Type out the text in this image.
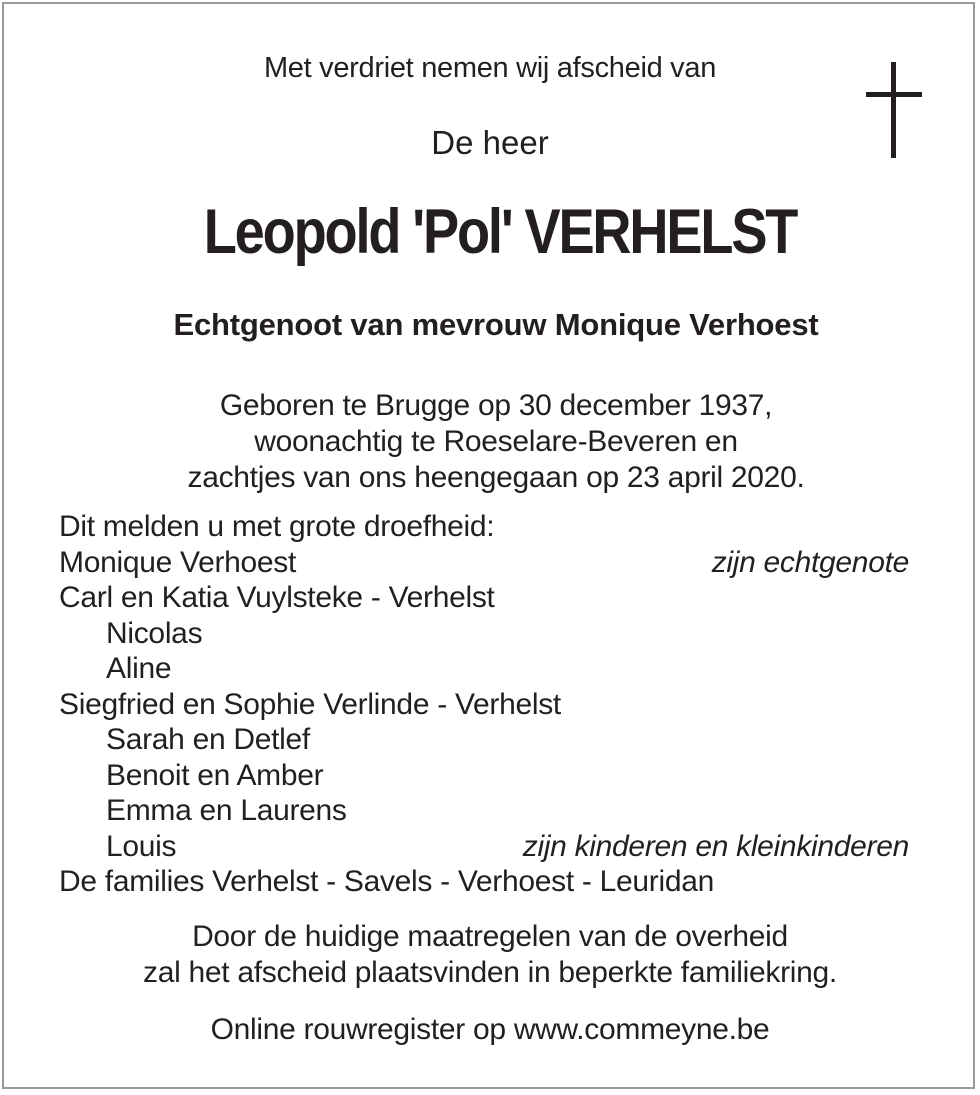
Met verdriet nemen wij afscheid van
De heer
Leopold 'Pol' VERHELST
Echtgenoot van mevrouw Monique Verhoest
Geboren te Brugge op 30 december 1937,
woonachtig te Roeselare-Beveren en
zachtjes van ons heengegaan op 23 april 2020.
Dit melden u met grote droefheid:
Monique Verhoest	zijn echtgenote
Carl en Katia Vuylsteke - Verhelst
Nicolas
Aline
Siegfried en Sophie Verlinde - Verhelst
Sarah en Detlef
Benoit en Amber
Emma en Laurens
Louis	zijn kinderen en kleinkinderen
De families Verhelst - Savels - Verhoest - Leuridan
Door de huidige maatregelen van de overheid
zal het afscheid plaatsvinden in beperkte familiekring.
Online rouwregister op www.commeyne.be
